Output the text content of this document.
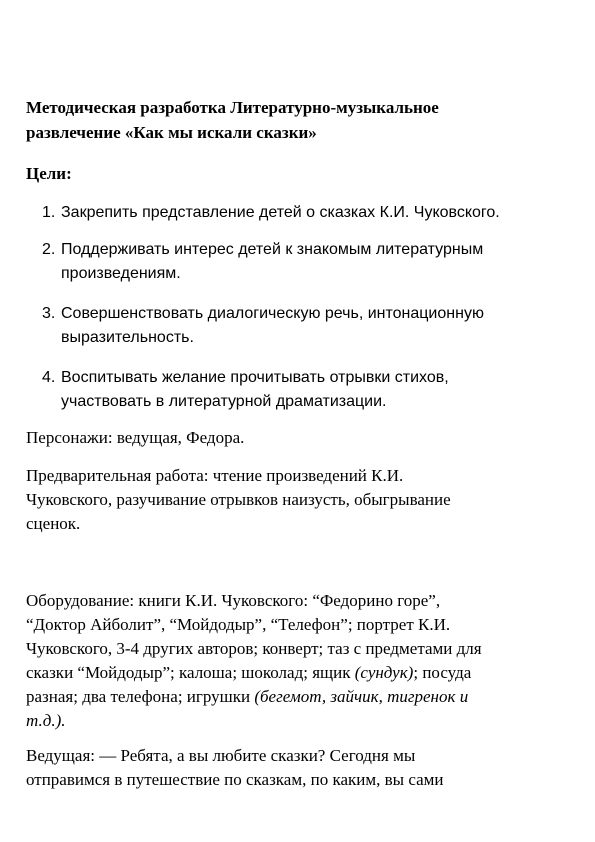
Методическая разработка Литературно-музыкальное
развлечение «Как мы искали сказки»
Цели:
1. Закрепить представление детей о сказках К.И. Чуковского.
2. Поддерживать интерес детей к знакомым литературным
произведениям.
3. Совершенствовать диалогическую речь, интонационную
выразительность.
4. Воспитывать желание прочитывать отрывки стихов,
участвовать в литературной драматизации.
Персонажи: ведущая, Федора.
Предварительная работа: чтение произведений К.И.
Чуковского, разучивание отрывков наизусть, обыгрывание
сценок.
Оборудование: книги К.И. Чуковского: “Федорино горе”,
“Доктор Айболит”, “Мойдодыр”, “Телефон”; портрет К.И.
Чуковского, 3-4 других авторов; конверт; таз с предметами для
сказки “Мойдодыр”; калоша; шоколад; ящик (сундук); посуда
разная; два телефона; игрушки (бегемот, зайчик, тигренок и
т.д.).
Ведущая: — Ребята, а вы любите сказки? Сегодня мы
отправимся в путешествие по сказкам, по каким, вы сами
